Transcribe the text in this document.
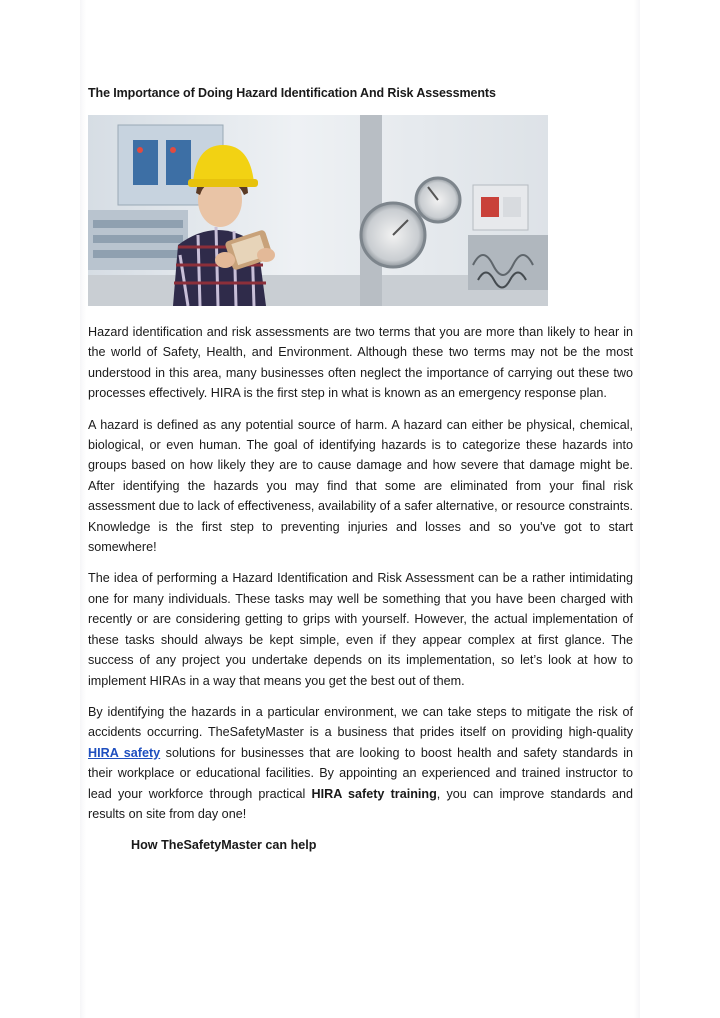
The Importance of Doing Hazard Identification And Risk Assessments

Hazard identification and risk assessments are two terms that you are more than likely to hear in the world of Safety, Health, and Environment. Although these two terms may not be the most understood in this area, many businesses often neglect the importance of carrying out these two processes effectively. HIRA is the first step in what is known as an emergency response plan.

A hazard is defined as any potential source of harm. A hazard can either be physical, chemical, biological, or even human. The goal of identifying hazards is to categorize these hazards into groups based on how likely they are to cause damage and how severe that damage might be. After identifying the hazards you may find that some are eliminated from your final risk assessment due to lack of effectiveness, availability of a safer alternative, or resource constraints. Knowledge is the first step to preventing injuries and losses and so you've got to start somewhere!

The idea of performing a Hazard Identification and Risk Assessment can be a rather intimidating one for many individuals. These tasks may well be something that you have been charged with recently or are considering getting to grips with yourself. However, the actual implementation of these tasks should always be kept simple, even if they appear complex at first glance. The success of any project you undertake depends on its implementation, so let’s look at how to implement HIRAs in a way that means you get the best out of them.

By identifying the hazards in a particular environment, we can take steps to mitigate the risk of accidents occurring. TheSafetyMaster is a business that prides itself on providing high-quality HIRA safety solutions for businesses that are looking to boost health and safety standards in their workplace or educational facilities. By appointing an experienced and trained instructor to lead your workforce through practical HIRA safety training, you can improve standards and results on site from day one!

How TheSafetyMaster can help
